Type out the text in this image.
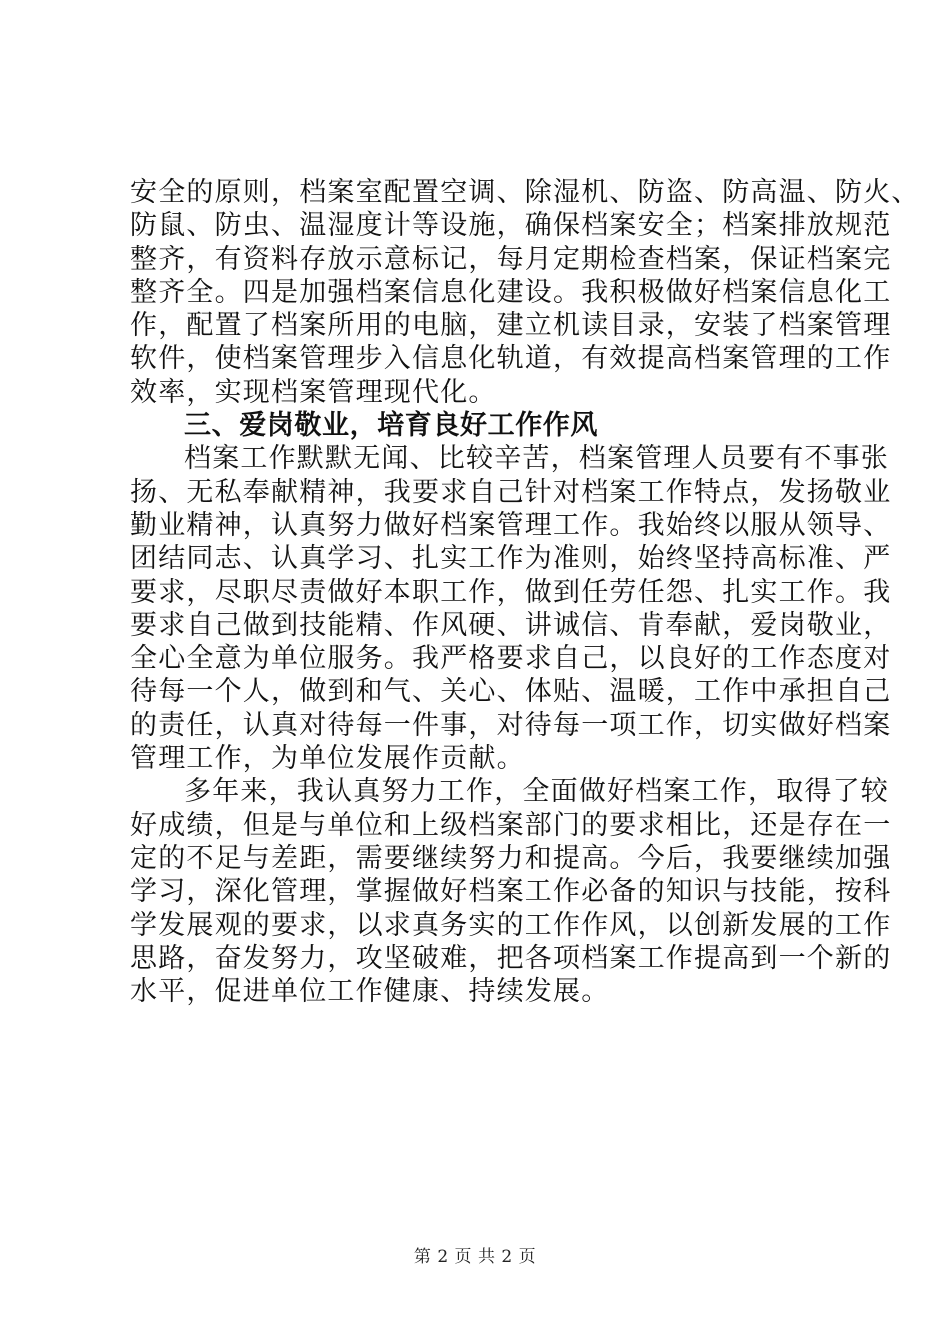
安全的原则，档案室配置空调、除湿机、防盗、防高温、防火、
防鼠、防虫、温湿度计等设施，确保档案安全；档案排放规范
整齐，有资料存放示意标记，每月定期检查档案，保证档案完
整齐全。四是加强档案信息化建设。我积极做好档案信息化工
作，配置了档案所用的电脑，建立机读目录，安装了档案管理
软件，使档案管理步入信息化轨道，有效提高档案管理的工作
效率，实现档案管理现代化。
三、爱岗敬业，培育良好工作作风
档案工作默默无闻、比较辛苦，档案管理人员要有不事张
扬、无私奉献精神，我要求自己针对档案工作特点，发扬敬业
勤业精神，认真努力做好档案管理工作。我始终以服从领导、
团结同志、认真学习、扎实工作为准则，始终坚持高标准、严
要求，尽职尽责做好本职工作，做到任劳任怨、扎实工作。我
要求自己做到技能精、作风硬、讲诚信、肯奉献，爱岗敬业，
全心全意为单位服务。我严格要求自己，以良好的工作态度对
待每一个人，做到和气、关心、体贴、温暖，工作中承担自己
的责任，认真对待每一件事，对待每一项工作，切实做好档案
管理工作，为单位发展作贡献。
多年来，我认真努力工作，全面做好档案工作，取得了较
好成绩，但是与单位和上级档案部门的要求相比，还是存在一
定的不足与差距，需要继续努力和提高。今后，我要继续加强
学习，深化管理，掌握做好档案工作必备的知识与技能，按科
学发展观的要求，以求真务实的工作作风，以创新发展的工作
思路，奋发努力，攻坚破难，把各项档案工作提高到一个新的
水平，促进单位工作健康、持续发展。
第 2 页 共 2 页
